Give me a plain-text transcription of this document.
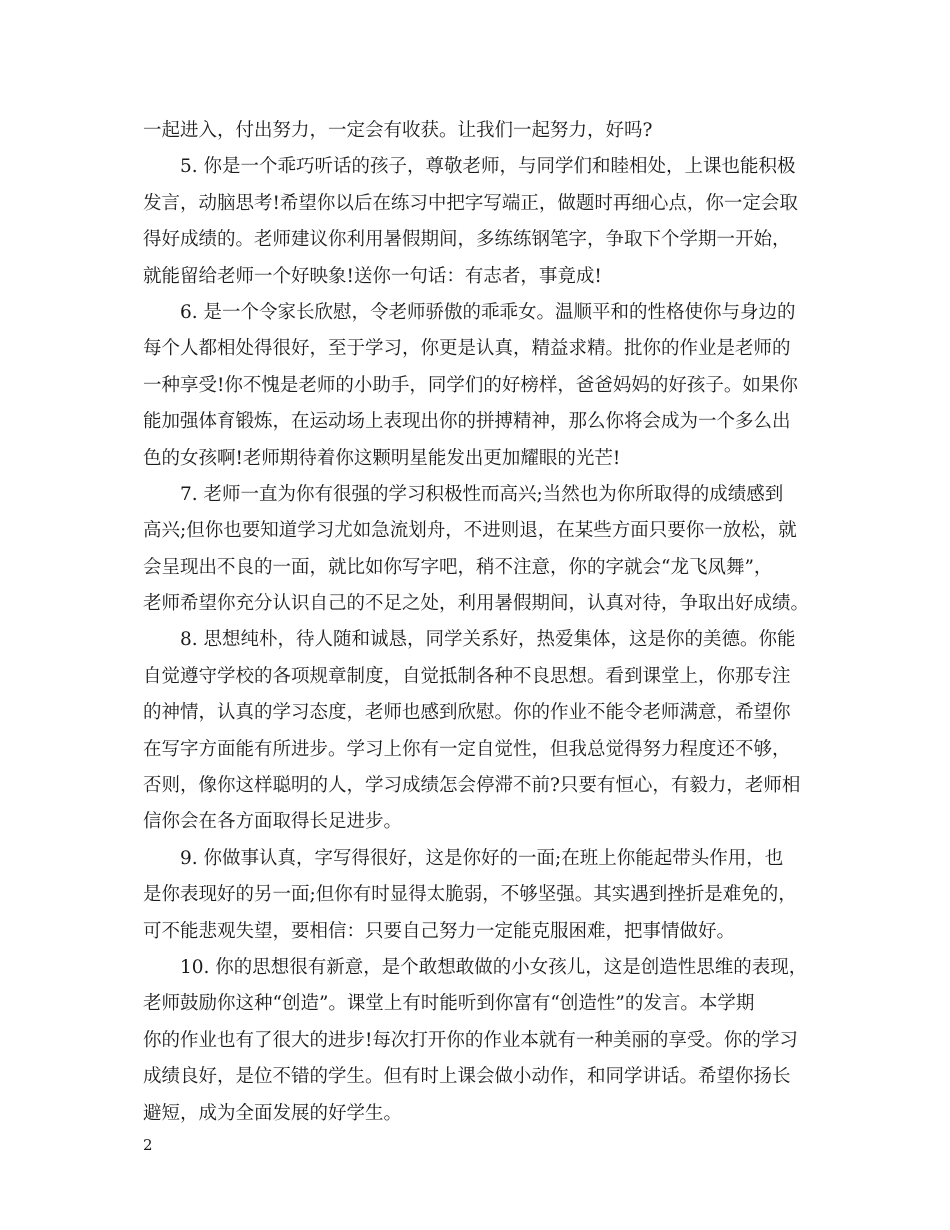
一起进入，付出努力，一定会有收获。让我们一起努力，好吗?
5. 你是一个乖巧听话的孩子，尊敬老师，与同学们和睦相处，上课也能积极
发言，动脑思考!希望你以后在练习中把字写端正，做题时再细心点，你一定会取
得好成绩的。老师建议你利用暑假期间，多练练钢笔字，争取下个学期一开始，
就能留给老师一个好映象!送你一句话：有志者，事竟成!
6. 是一个令家长欣慰，令老师骄傲的乖乖女。温顺平和的性格使你与身边的
每个人都相处得很好，至于学习，你更是认真，精益求精。批你的作业是老师的
一种享受!你不愧是老师的小助手，同学们的好榜样，爸爸妈妈的好孩子。如果你
能加强体育锻炼，在运动场上表现出你的拼搏精神，那么你将会成为一个多么出
色的女孩啊!老师期待着你这颗明星能发出更加耀眼的光芒!
7. 老师一直为你有很强的学习积极性而高兴;当然也为你所取得的成绩感到
高兴;但你也要知道学习尤如急流划舟，不进则退，在某些方面只要你一放松，就
会呈现出不良的一面，就比如你写字吧，稍不注意，你的字就会“龙飞凤舞”，
老师希望你充分认识自己的不足之处，利用暑假期间，认真对待，争取出好成绩。
8. 思想纯朴，待人随和诚恳，同学关系好，热爱集体，这是你的美德。你能
自觉遵守学校的各项规章制度，自觉抵制各种不良思想。看到课堂上，你那专注
的神情，认真的学习态度，老师也感到欣慰。你的作业不能令老师满意，希望你
在写字方面能有所进步。学习上你有一定自觉性，但我总觉得努力程度还不够，
否则，像你这样聪明的人，学习成绩怎会停滞不前?只要有恒心，有毅力，老师相
信你会在各方面取得长足进步。
9. 你做事认真，字写得很好，这是你好的一面;在班上你能起带头作用，也
是你表现好的另一面;但你有时显得太脆弱，不够坚强。其实遇到挫折是难免的，
可不能悲观失望，要相信：只要自己努力一定能克服困难，把事情做好。
10. 你的思想很有新意，是个敢想敢做的小女孩儿，这是创造性思维的表现，
老师鼓励你这种“创造”。课堂上有时能听到你富有“创造性”的发言。本学期
你的作业也有了很大的进步!每次打开你的作业本就有一种美丽的享受。你的学习
成绩良好，是位不错的学生。但有时上课会做小动作，和同学讲话。希望你扬长
避短，成为全面发展的好学生。
2
